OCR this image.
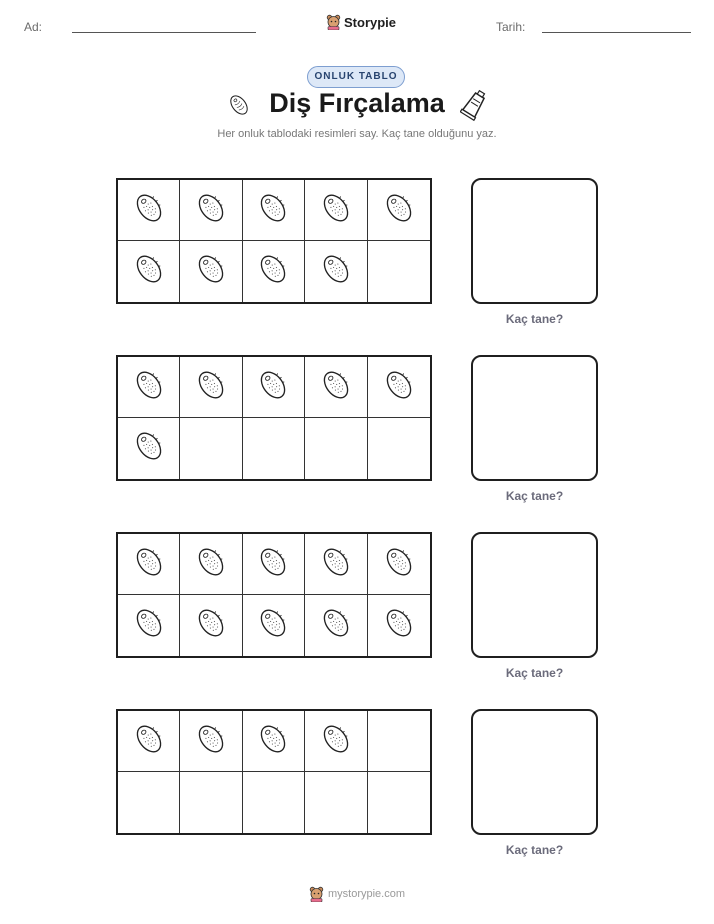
Ad:	Storypie	Tarih:
ONLUK TABLO
Diş Fırçalama
Her onluk tablodaki resimleri say. Kaç tane olduğunu yaz.
Kaç tane?
Kaç tane?
Kaç tane?
Kaç tane?
mystorypie.com
